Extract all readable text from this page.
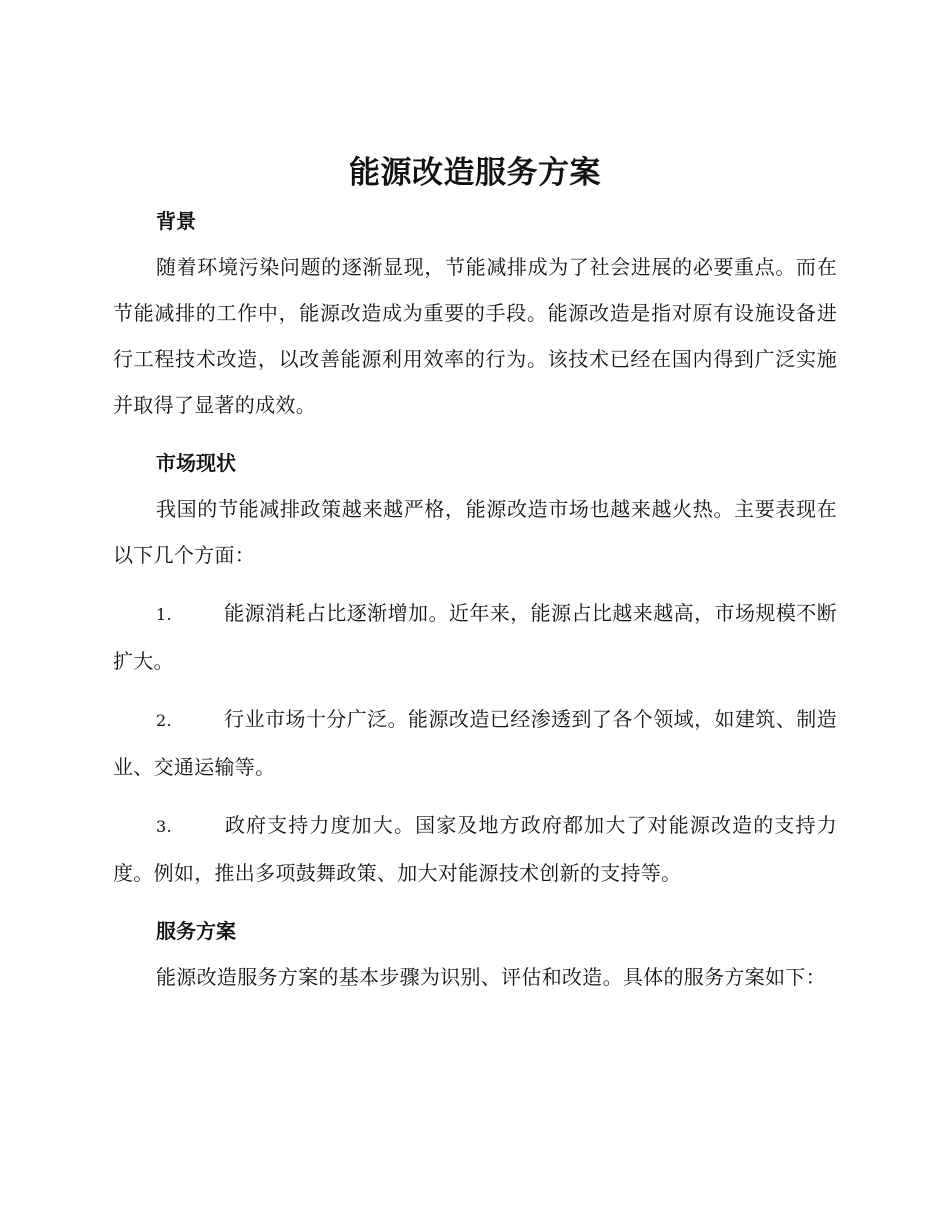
能源改造服务方案
背景

随着环境污染问题的逐渐显现，节能减排成为了社会进展的必要重点。而在节能减排的工作中，能源改造成为重要的手段。能源改造是指对原有设施设备进行工程技术改造，以改善能源利用效率的行为。该技术已经在国内得到广泛实施并取得了显著的成效。

市场现状

我国的节能减排政策越来越严格，能源改造市场也越来越火热。主要表现在以下几个方面：

1.	能源消耗占比逐渐增加。近年来，能源占比越来越高，市场规模不断扩大。

2.	行业市场十分广泛。能源改造已经渗透到了各个领域，如建筑、制造业、交通运输等。

3.	政府支持力度加大。国家及地方政府都加大了对能源改造的支持力度。例如，推出多项鼓舞政策、加大对能源技术创新的支持等。

服务方案

能源改造服务方案的基本步骤为识别、评估和改造。具体的服务方案如下：
